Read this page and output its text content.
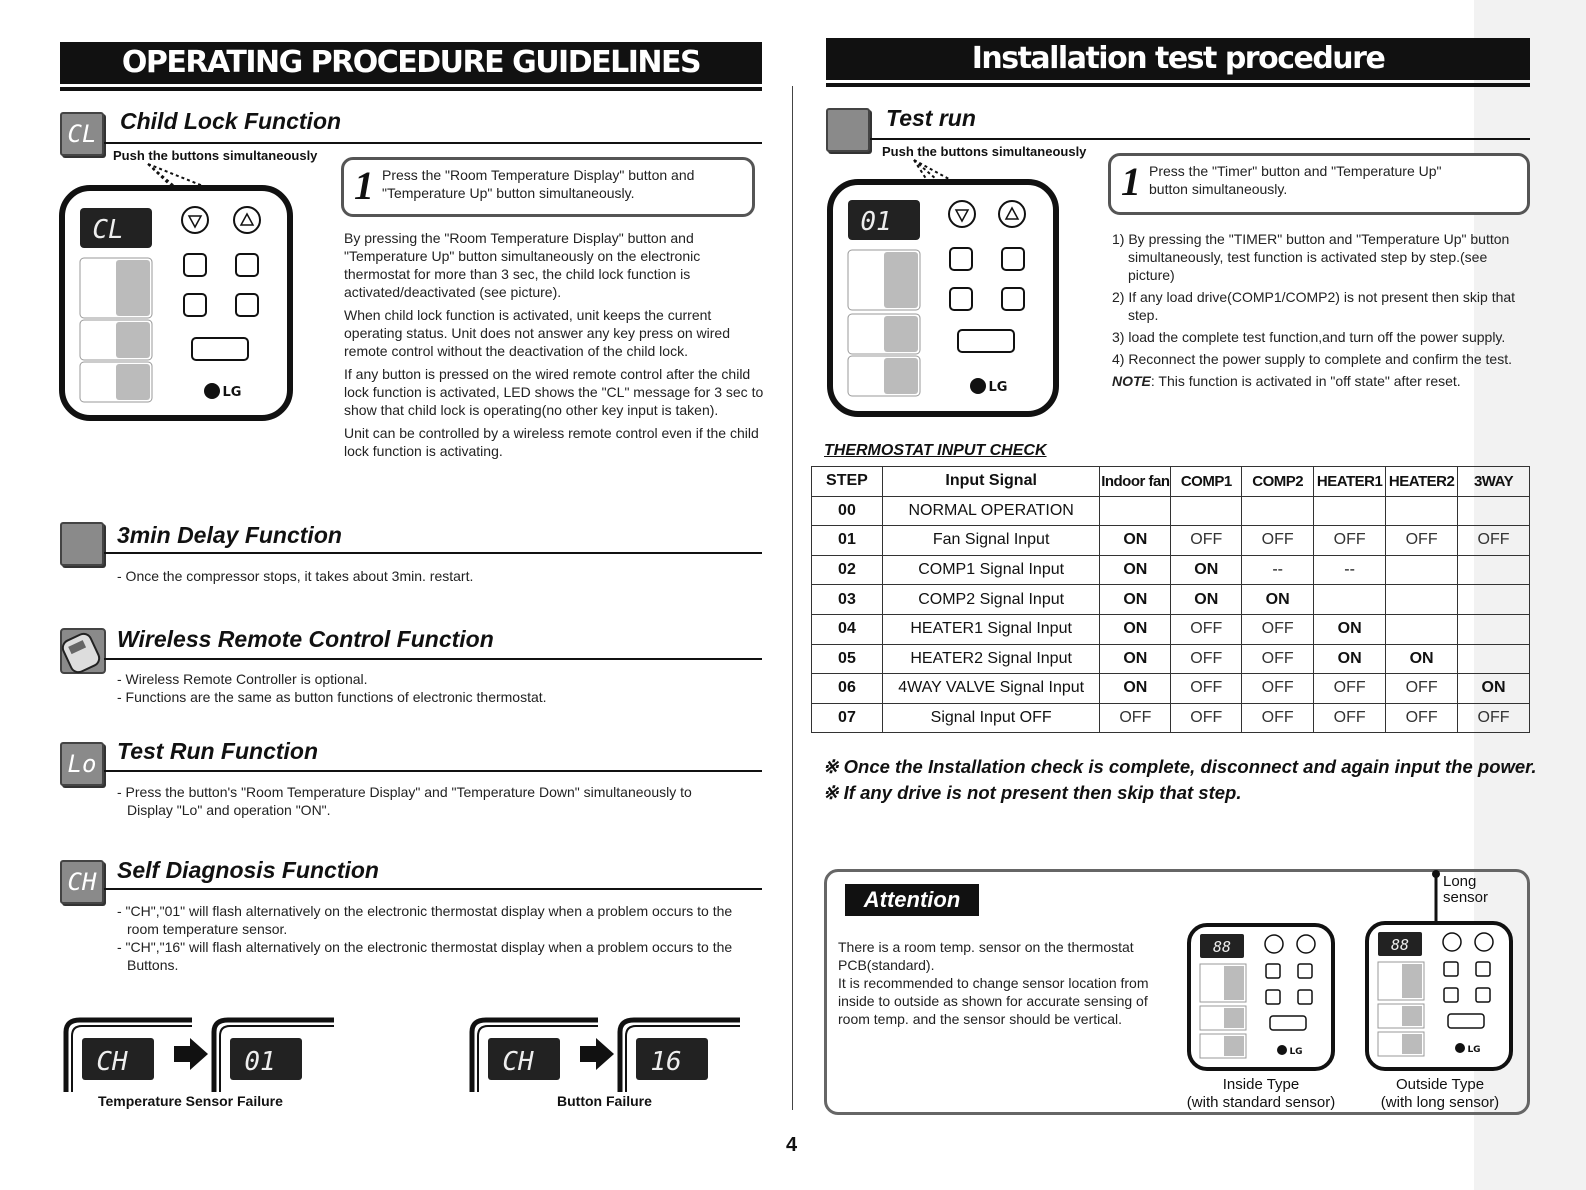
OPERATING PROCEDURE GUIDELINES
CL	Child Lock Function
Push the buttons simultaneously
CL
LG
1 Press the "Room Temperature Display" button and "Temperature Up" button simultaneously.

By pressing the "Room Temperature Display" button and "Temperature Up" button simultaneously on the electronic thermostat for more than 3 sec, the child lock function is activated/deactivated (see picture).

When child lock function is activated, unit keeps the current operating status. Unit does not answer any key press on wired remote control without the deactivation of the child lock.

If any button is pressed on the wired remote control after the child lock function is activated, LED shows the "CL" message for 3 sec to show that child lock is operating(no other key input is taken).

Unit can be controlled by a wireless remote control even if the child lock function is activating.

3min Delay Function
- Once the compressor stops, it takes about 3min. restart.
Wireless Remote Control Function
- Wireless Remote Controller is optional.
- Functions are the same as button functions of electronic thermostat.
Lo Test Run Function
- Press the button's "Room Temperature Display" and "Temperature Down" simultaneously to Display "Lo" and operation "ON".
CH Self Diagnosis Function
- "CH","01" will flash alternatively on the electronic thermostat display when a problem occurs to the room temperature sensor.
- "CH","16" will flash alternatively on the electronic thermostat display when a problem occurs to the Buttons.
CH	01
Temperature Sensor Failure
CH	16
Button Failure
Installation test procedure
Test run
Push the buttons simultaneously
01
LG
1 Press the "Timer" button and "Temperature Up" button simultaneously.
1) By pressing the "TIMER" button and "Temperature Up" button simultaneously, test function is activated step by step.(see picture)
2) If any load drive(COMP1/COMP2) is not present then skip that step.
3) load the complete test function,and turn off the power supply.
4) Reconnect the power supply to complete and confirm the test.
NOTE: This function is activated in "off state" after reset.
THERMOSTAT INPUT CHECK
STEP	Input Signal	Indoor fan	COMP1	COMP2	HEATER1	HEATER2	3WAY
00	NORMAL OPERATION						
01	Fan Signal Input	ON	OFF	OFF	OFF	OFF	OFF
02	COMP1 Signal Input	ON	ON	--	--		
03	COMP2 Signal Input	ON	ON	ON			
04	HEATER1 Signal Input	ON	OFF	OFF	ON		
05	HEATER2 Signal Input	ON	OFF	OFF	ON	ON	
06	4WAY VALVE Signal Input	ON	OFF	OFF	OFF	OFF	ON
07	Signal Input OFF	OFF	OFF	OFF	OFF	OFF	OFF
※ Once the Installation check is complete, disconnect and again input the power.
※ If any drive is not present then skip that step.
Attention
There is a room temp. sensor on the thermostat PCB(standard).
It is recommended to change sensor location from inside to outside as shown for accurate sensing of room temp. and the sensor should be vertical.
88
LG
88
LG
Long sensor
Inside Type
(with standard sensor)
Outside Type
(with long sensor)
4
